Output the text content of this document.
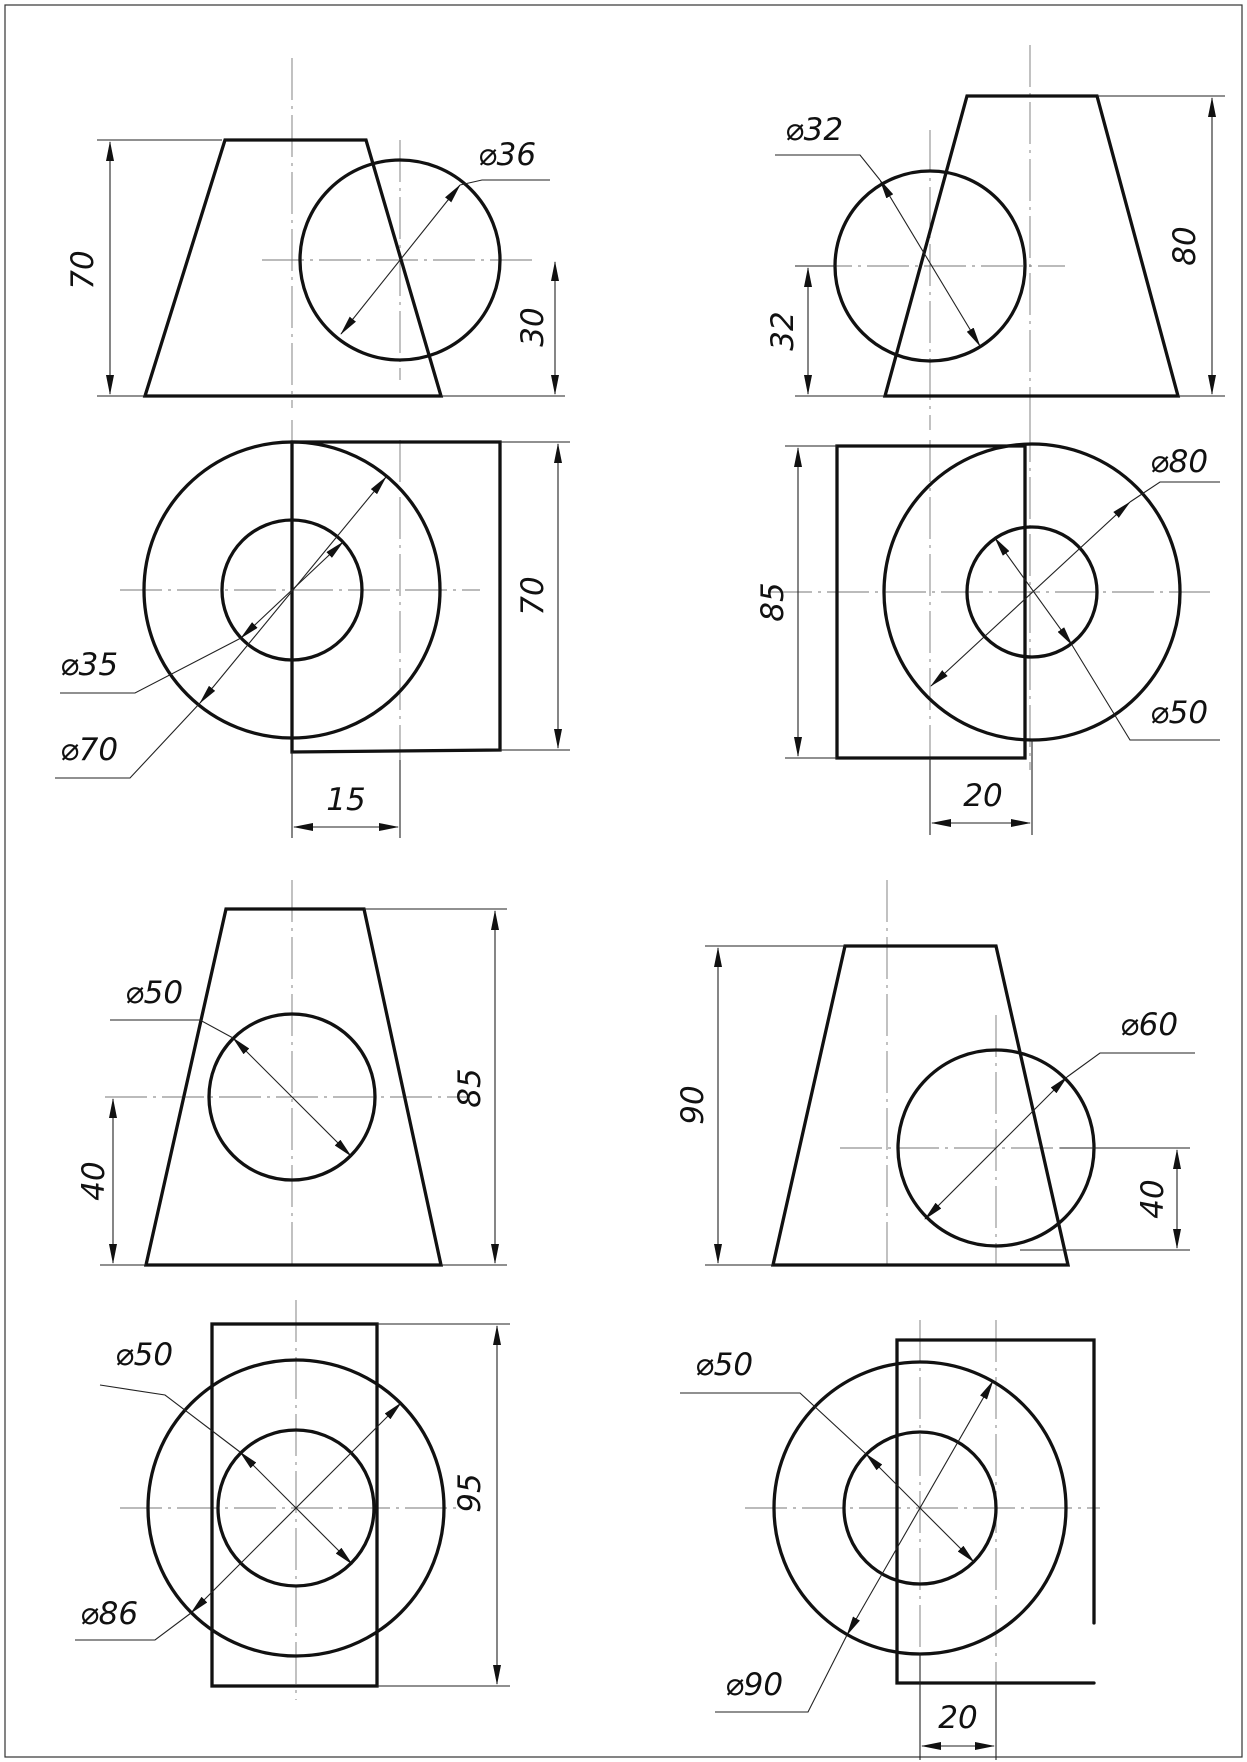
70
⌀36
30
⌀35
⌀70
70
15
80
⌀32
32
⌀80
⌀50
85
20
⌀50
40
85
⌀50
⌀86
95
90
⌀60
40
⌀50
⌀90
20
